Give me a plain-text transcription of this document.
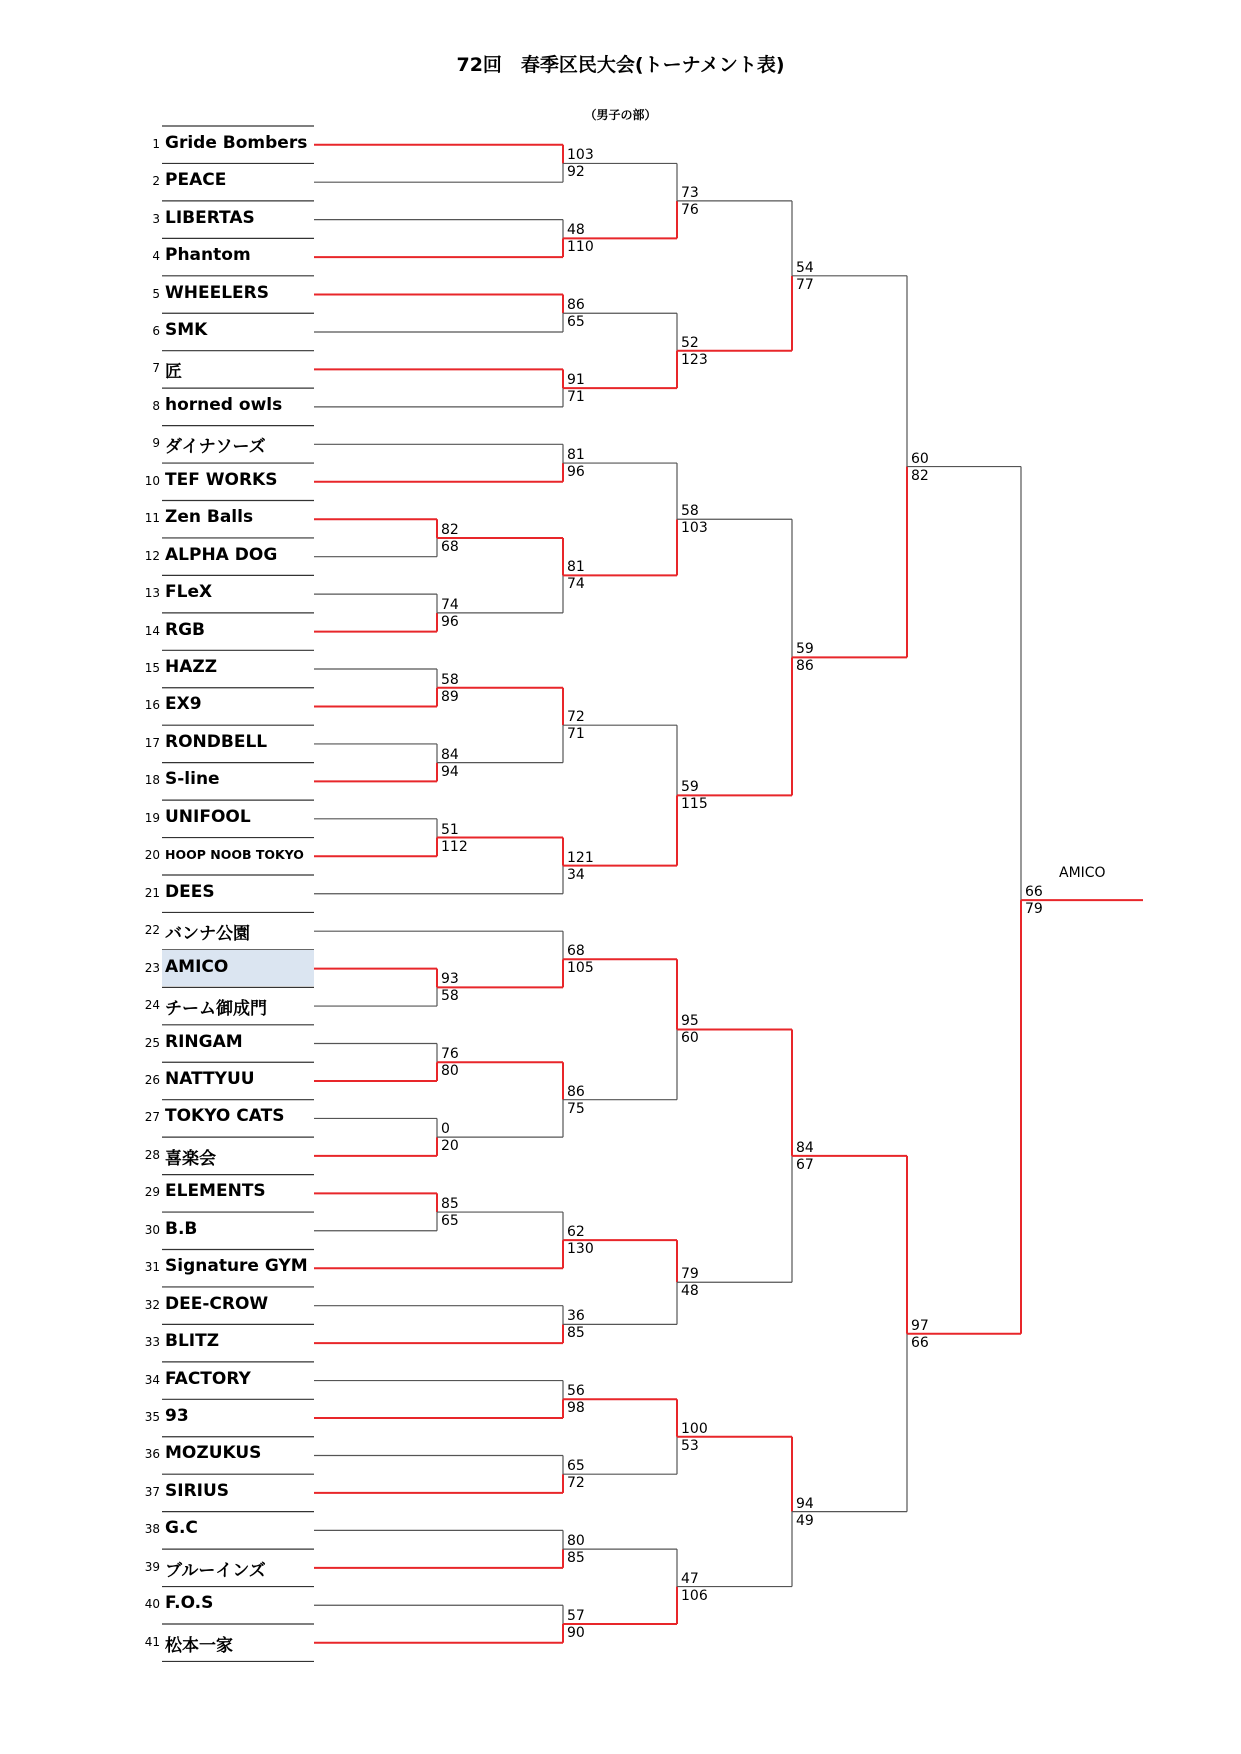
72回　春季区民大会(トーナメント表)
（男子の部）
1 Gride Bombers
2 PEACE
3 LIBERTAS
4 Phantom
5 WHEELERS
6 SMK
7 匠
8 horned owls
9 ダイナソーズ
10 TEF WORKS
11 Zen Balls
12 ALPHA DOG
13 FLeX
14 RGB
15 HAZZ
16 EX9
17 RONDBELL
18 S-line
19 UNIFOOL
20 HOOP NOOB TOKYO
21 DEES
22 バンナ公園
23 AMICO
24 チーム御成門
25 RINGAM
26 NATTYUU
27 TOKYO CATS
28 喜楽会
29 ELEMENTS
30 B.B
31 Signature GYM
32 DEE-CROW
33 BLITZ
34 FACTORY
35 93
36 MOZUKUS
37 SIRIUS
38 G.C
39 ブルーインズ
40 F.O.S
41 松本一家
82
68
74
96
58
89
84
94
51
112
93
58
76
80
0
20
85
65
103
92
48
110
86
65
91
71
81
96
81
74
72
71
121
34
68
105
86
75
62
130
36
85
56
98
65
72
80
85
57
90
73
76
52
123
58
103
59
115
95
60
79
48
100
53
47
106
54
77
59
86
84
67
94
49
60
82
97
66
66
79
AMICO
